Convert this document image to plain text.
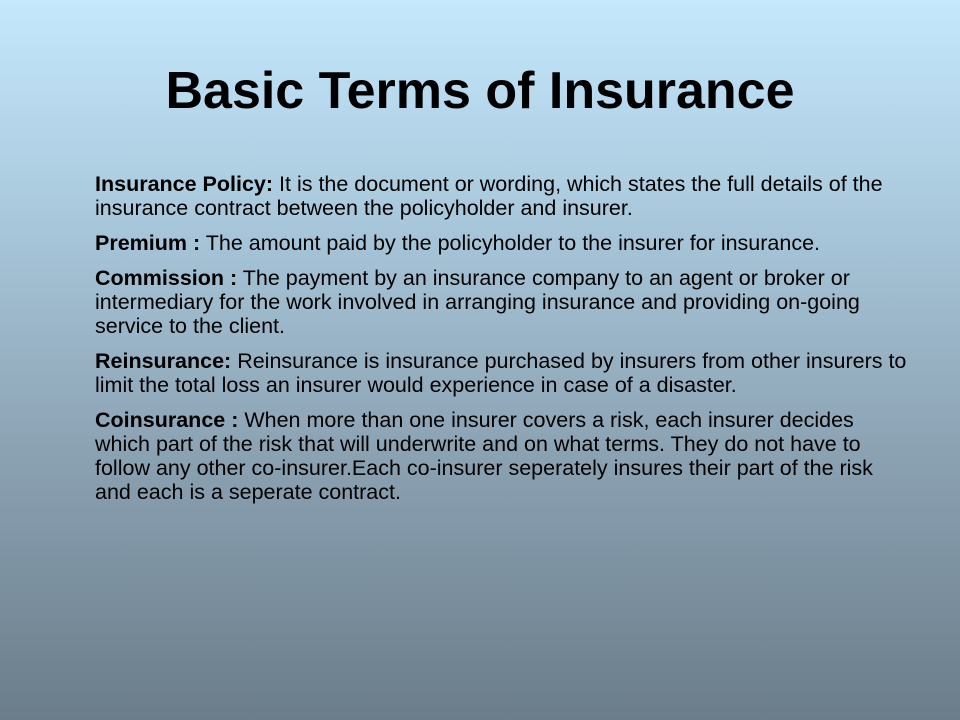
Basic Terms of Insurance
Insurance Policy: It is the document or wording, which states the full details of the insurance contract between the policyholder and insurer.
Premium : The amount paid by the policyholder to the insurer for insurance.
Commission : The payment by an insurance company to an agent or broker or intermediary for the work involved in arranging insurance and providing on-going service to the client.
Reinsurance: Reinsurance is insurance purchased by insurers from other insurers to limit the total loss an insurer would experience in case of a disaster.
Coinsurance : When more than one insurer covers a risk, each insurer decides which part of the risk that will underwrite and on what terms. They do not have to follow any other co-insurer.Each co-insurer seperately insures their part of the risk and each is a seperate contract.
